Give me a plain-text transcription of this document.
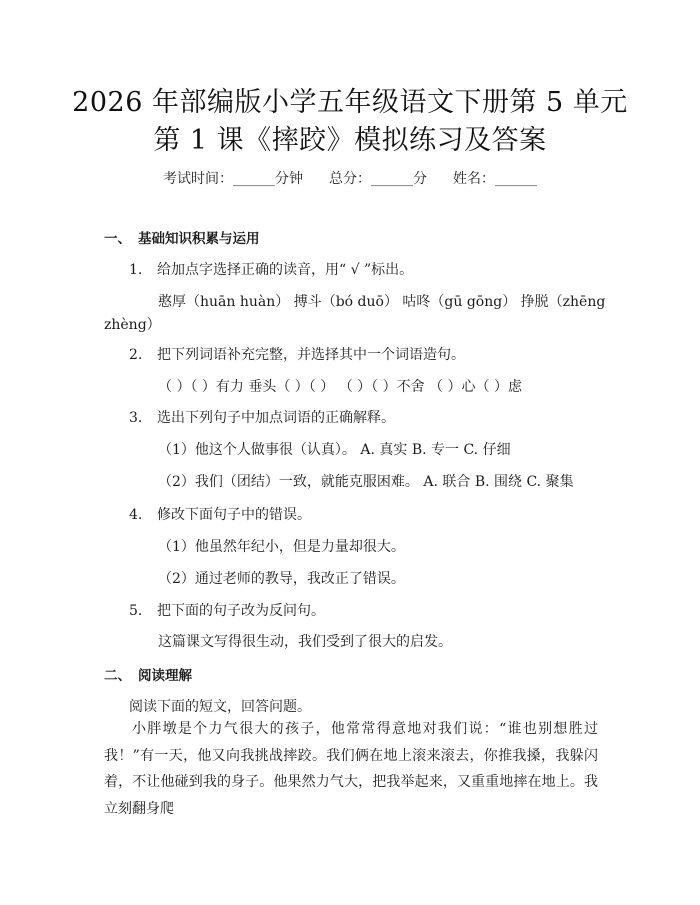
2026 年部编版小学五年级语文下册第 5 单元
第 1 课《摔跤》模拟练习及答案
考试时间：______分钟 总分：______分 姓名：______
一、 基础知识积累与运用
1. 给加点字选择正确的读音，用“ √ ”标出。
憨厚（huān huàn） 搏斗（bó duō） 咕咚（gū gōng） 挣脱（zhēng
zhèng）
2. 把下列词语补充完整，并选择其中一个词语造句。
（ ）（ ）有力 垂头（ ）（ ） （ ）（ ）不舍 （ ）心（ ）虑
3. 选出下列句子中加点词语的正确解释。
（1）他这个人做事很（认真）。 A. 真实 B. 专一 C. 仔细
（2）我们（团结）一致，就能克服困难。 A. 联合 B. 围绕 C. 聚集
4. 修改下面句子中的错误。
（1）他虽然年纪小，但是力量却很大。
（2）通过老师的教导，我改正了错误。
5. 把下面的句子改为反问句。
这篇课文写得很生动，我们受到了很大的启发。
二、 阅读理解
阅读下面的短文，回答问题。
小胖墩是个力气很大的孩子，他常常得意地对我们说：“谁也别想胜过我！”有一天，他又向我挑战摔跤。我们俩在地上滚来滚去，你推我搡，我躲闪着，不让他碰到我的身子。他果然力气大，把我举起来，又重重地摔在地上。我立刻翻身爬
